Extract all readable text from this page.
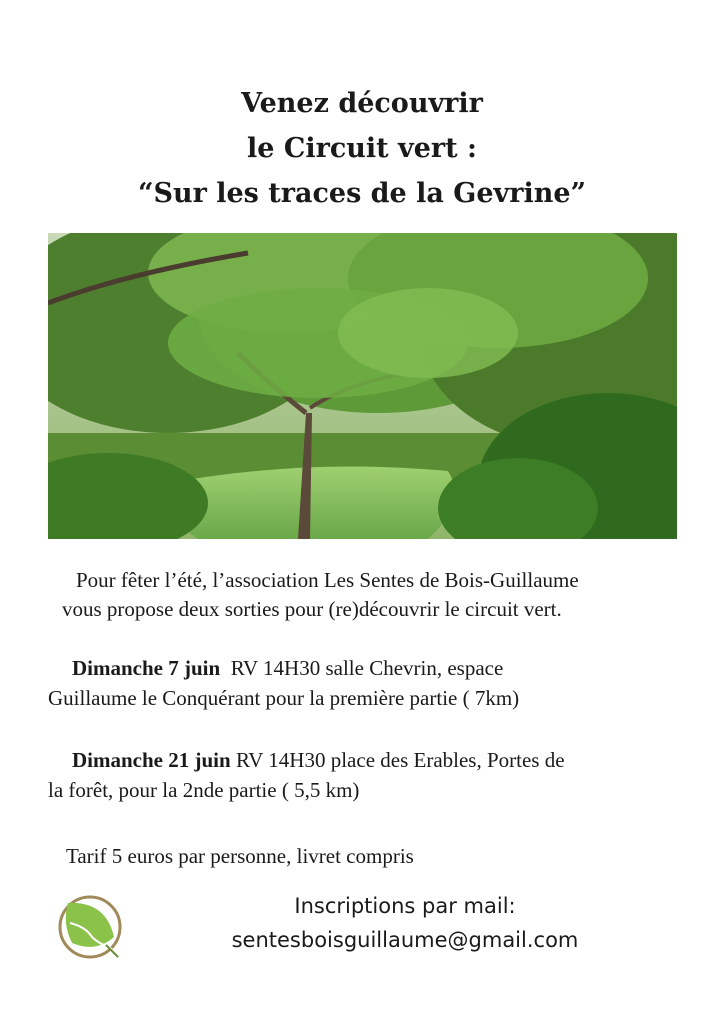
Venez découvrir
le Circuit vert :
“Sur les traces de la Gevrine”
Pour fêter l’été, l’association Les Sentes de Bois-Guillaume
vous propose deux sorties pour (re)découvrir le circuit vert.
Dimanche 7 juin RV 14H30 salle Chevrin, espace
Guillaume le Conquérant pour la première partie ( 7km)
Dimanche 21 juin RV 14H30 place des Erables, Portes de
la forêt, pour la 2nde partie ( 5,5 km)
Tarif 5 euros par personne, livret compris
Inscriptions par mail:
sentesboisguillaume@gmail.com
